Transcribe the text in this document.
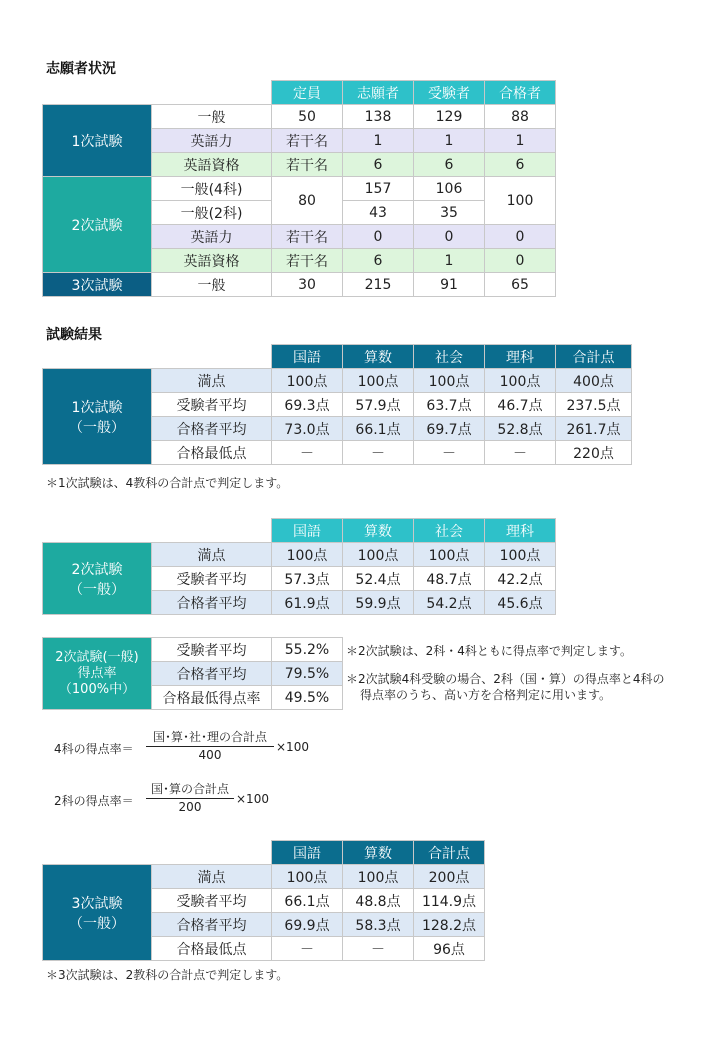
志願者状況
		定員	志願者	受験者	合格者
1次試験	一般	50	138	129	88
	英語力	若干名	1	1	1
	英語資格	若干名	6	6	6
2次試験	一般(4科)	80	157	106	100
	一般(2科)		43	35	
	英語力	若干名	0	0	0
	英語資格	若干名	6	1	0
3次試験	一般	30	215	91	65
試験結果
		国語	算数	社会	理科	合計点

1次試験
（一般）	満点	100点	100点	100点	100点	400点
	受験者平均	69.3点	57.9点	63.7点	46.7点	237.5点
	合格者平均	73.0点	66.1点	69.7点	52.8点	261.7点
	合格最低点	－	－	－	－	220点
＊1次試験は、4教科の合計点で判定します。
		国語	算数	社会	理科

2次試験
（一般）	満点	100点	100点	100点	100点
	受験者平均	57.3点	52.4点	48.7点	42.2点
	合格者平均	61.9点	59.9点	54.2点	45.6点
2次試験(一般)
得点率
（100%中）	受験者平均	55.2%
	合格者平均	79.5%
	合格最低得点率	49.5%
＊2次試験は、2科・4科ともに得点率で判定します。
＊2次試験4科受験の場合、2科（国・算）の得点率と4科の
得点率のうち、高い方を合格判定に用います。
4科の得点率＝
国･算･社･理の合計点
400
×100
2科の得点率＝
国･算の合計点
200
×100
		国語	算数	合計点

3次試験
（一般）	満点	100点	100点	200点
	受験者平均	66.1点	48.8点	114.9点
	合格者平均	69.9点	58.3点	128.2点
	合格最低点	－	－	96点
＊3次試験は、2教科の合計点で判定します。
